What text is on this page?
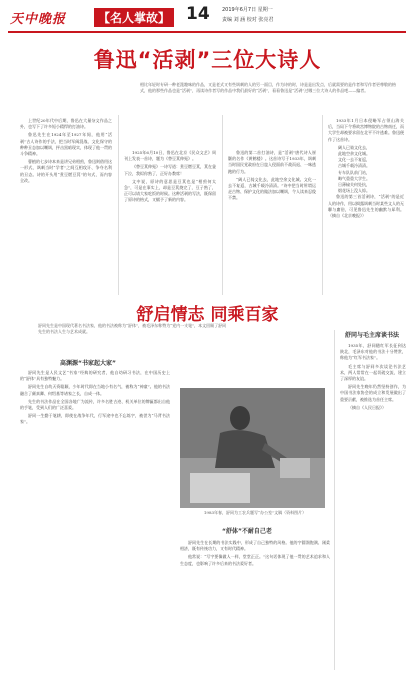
天中晚报	【名人掌故】 14 2019年6月7日 星期一
责编 刘 涵 校对 张亮君
鲁迅“活剥”三位大诗人
相比年轻时专研一种老派趣味的作品，又是老式又有些讽刺的人的另一面目，作为诗的时，诗是是出发点，后就需要的是作者和写作者更尊敬的格式，他的那些作品也是“活剥”，再读诗作者写的作品中我们最好的“活剥”，看看鲁迅是“活剥”过哪三位大诗人的作品吧——编者。

上世纪20年代中后期，鲁迅在大量杂文作品之外，也写下了许多短小精悍的打油诗。

鲁迅先生在1924年至1927年间，他用“活剥”古人诗作的手法，把当时军阀混战、文化保守的种种丑态加以嘲讽，抨击黑暗现实，体现了他一贯的斗争精神。

曹植的七步诗本来是讲兄弟相煎，鲁迅则借用这一形式，讽刺当时“学者”之间互相攻讦、争夺名利的丑态。诗的开头用“煮豆燃豆萁”的句式，而内容全改。

1925年6月10日，鲁迅在北京《民众文艺》周刊上发表一首诗，题为《替豆萁伸冤》。

《替豆萁伸冤》一诗写道：煮豆燃豆萁，萁在釜下泣，我烬你熟了，正好办教席！

文中说，原诗的意思是豆萁也是“相煎何太急”，可是在事实上，却是豆萁烧完了，豆子熟了，正可以请大家吃饭的时候。这种活剥的写法，既保留了原诗的格式，又赋予了新的内容。

鲁迅的第二首打油诗，是“活剥”唐代诗人崔颢的名作《黄鹤楼》。这首诗写于1933年，讽刺当时国民党政府在日寇入侵面前不战而退、一味逃跑的行为。

“阔人已骑文化去，此地空余文化城。文化一去不复返，古城千载冷清清。”诗中把当时所谓运走古物、保护文化的做法加以嘲讽，令人读来忍俊不禁。

1933年1月日本侵略军占领山海关后，当局下令将故宫博物院的古物南迁，而大学生却被要求留在北平不许逃难。鲁迅便作了这首诗。

阔人已骑文化去，
此地空余文化城。
文化一去不复返，
古城千载冷清清。
专车队队前门站，
晦气重重大学生。
日薄榆关何处抗，
烟花场上没人惊。

鲁迅的第三首活剥诗，“活剥”的是近人的诗作，用以揭露讽刺当时某些文人的无聊与庸俗，可见鲁迅先生的幽默与犀利。（摘自《北京晚报》）

舒启情志 同乘百家
舒同先生是中国现代著名书法家，他的书法被称为“舒体”，被毛泽东称赞为“党内一支笔”，本文回顾了舒同先生的书法人生与艺术成就。
高渊源“书家起大家”

舒同先生是人民文艺“书家”经典的研究者，他自幼研习书法，在中国历史上的“舒体”具有独特魅力。

舒同先生自幼天资聪颖，少年时代即在当地小有名气，被称为“神童”。他的书法融合了颜真卿、何绍基等诸家之长，自成一体。

先生的书法作品在全国各地广为流传，许多名胜古迹、机关单位的牌匾都出自他的手笔，受到人们的广泛喜爱。

舒同一生勤于笔耕，即使在战争年代，行军途中也不忘练字，被誉为“马背书法家”。

1983年春，舒同为工农兵题写“办公室”文稿（资料图片）
“舒体”不耐自己老

舒同先生在长期的书法实践中，形成了自己独特的风格。他的字圆润饱满、刚柔相济，既有传统功力，又有时代精神。

他常说：“写字要像做人一样，堂堂正正。”这句话体现了他一贯的艺术追求和人生态度，也影响了许多后来的书法爱好者。

舒同与毛主席谈书法

1935年，舒同随红军长征到达陕北，毛泽东对他的书法十分赞赏，称他为“红军书法家”。

毛主席与舒同多次谈论书法艺术，两人常常在一起切磋交流，建立了深厚的友谊。

舒同先生晚年仍然坚持创作，为中国书法家协会的成立和发展做出了重要贡献，被推选为首任主席。

（摘自《人民日报》）
